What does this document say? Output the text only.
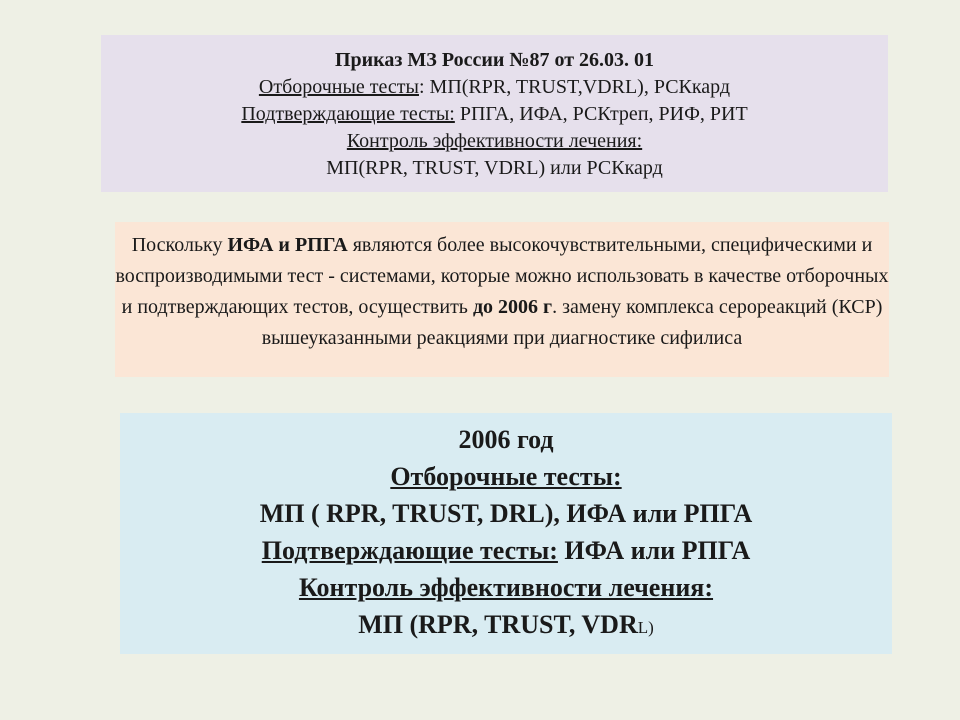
Приказ МЗ России №87 от 26.03. 01
Отборочные тесты: МП(RPR, TRUST,VDRL), РСКкард
Подтверждающие тесты: РПГА, ИФА, РСКтреп, РИФ, РИТ
Контроль эффективности лечения:
МП(RPR, TRUST, VDRL) или РСКкард
Поскольку ИФА и РПГА являются более высокочувствительными, специфическими и воспроизводимыми тест - системами, которые можно использовать в качестве отборочных и подтверждающих тестов, осуществить до 2006 г. замену комплекса серореакций (КСР) вышеуказанными реакциями при диагностике сифилиса
2006 год
Отборочные тесты:
МП ( RPR, TRUST, DRL), ИФА или РПГА
Подтверждающие тесты: ИФА или РПГА
Контроль эффективности лечения:
МП (RPR, TRUST, VDRL)
